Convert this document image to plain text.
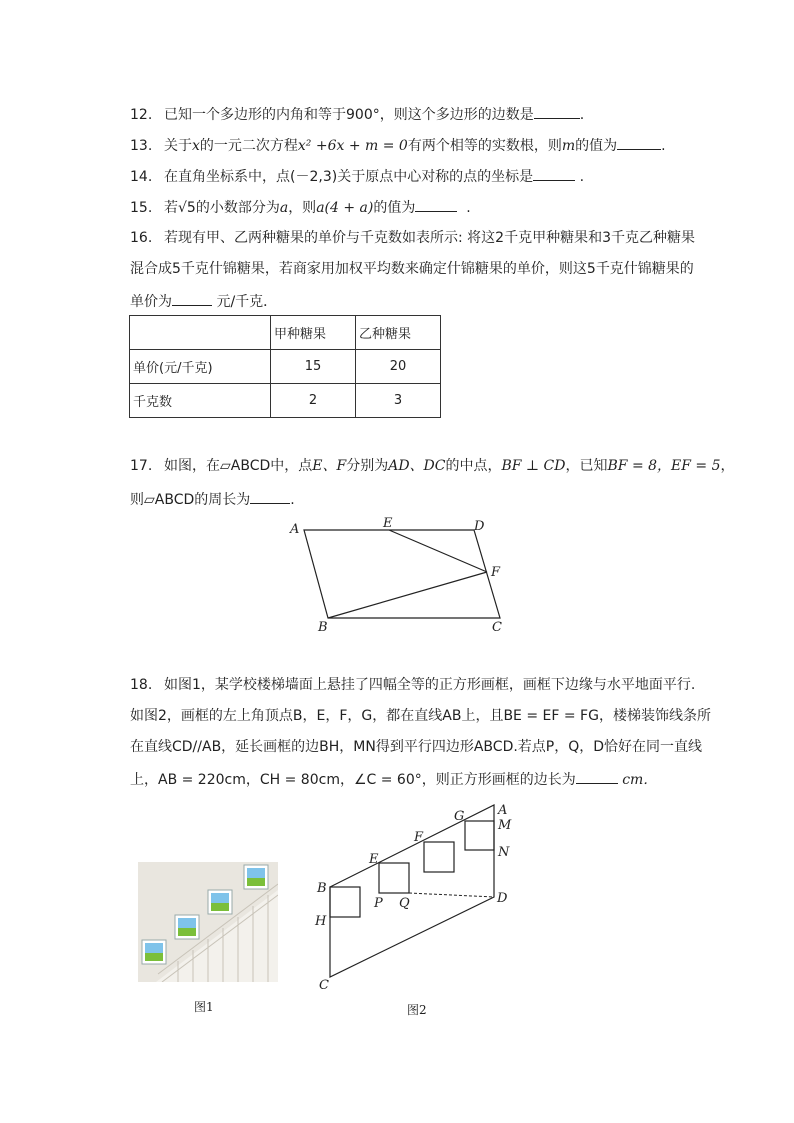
12. 已知一个多边形的内角和等于900°，则这个多边形的边数是	.
13. 关于x的一元二次方程x² +6x + m = 0有两个相等的实数根，则m的值为	.
14. 在直角坐标系中，点(－2,3)关于原点中心对称的点的坐标是	.
15. 若√5的小数部分为a，则a(4 + a)的值为	.
16. 若现有甲、乙两种糖果的单价与千克数如表所示: 将这2千克甲种糖果和3千克乙种糖果
混合成5千克什锦糖果，若商家用加权平均数来确定什锦糖果的单价，则这5千克什锦糖果的
单价为	元/千克．
	甲种糖果	乙种糖果
单价(元/千克)	15	20
千克数	2	3
17. 如图，在▱ABCD中，点E、F分别为AD、DC的中点，BF ⊥ CD，已知BF = 8，EF = 5，
则▱ABCD的周长为	.
A	E	D
F
B	C
18. 如图1，某学校楼梯墙面上悬挂了四幅全等的正方形画框，画框下边缘与水平地面平行.
如图2，画框的左上角顶点B，E，F，G，都在直线AB上，且BE = EF = FG，楼梯装饰线条所
在直线CD//AB，延长画框的边BH，MN得到平行四边形ABCD.若点P，Q，D恰好在同一直线
上，AB = 220cm，CH = 80cm，∠C = 60°，则正方形画框的边长为	cm．
图1
A
M
G
N
F
E
B
P Q	D
H
C
图2
